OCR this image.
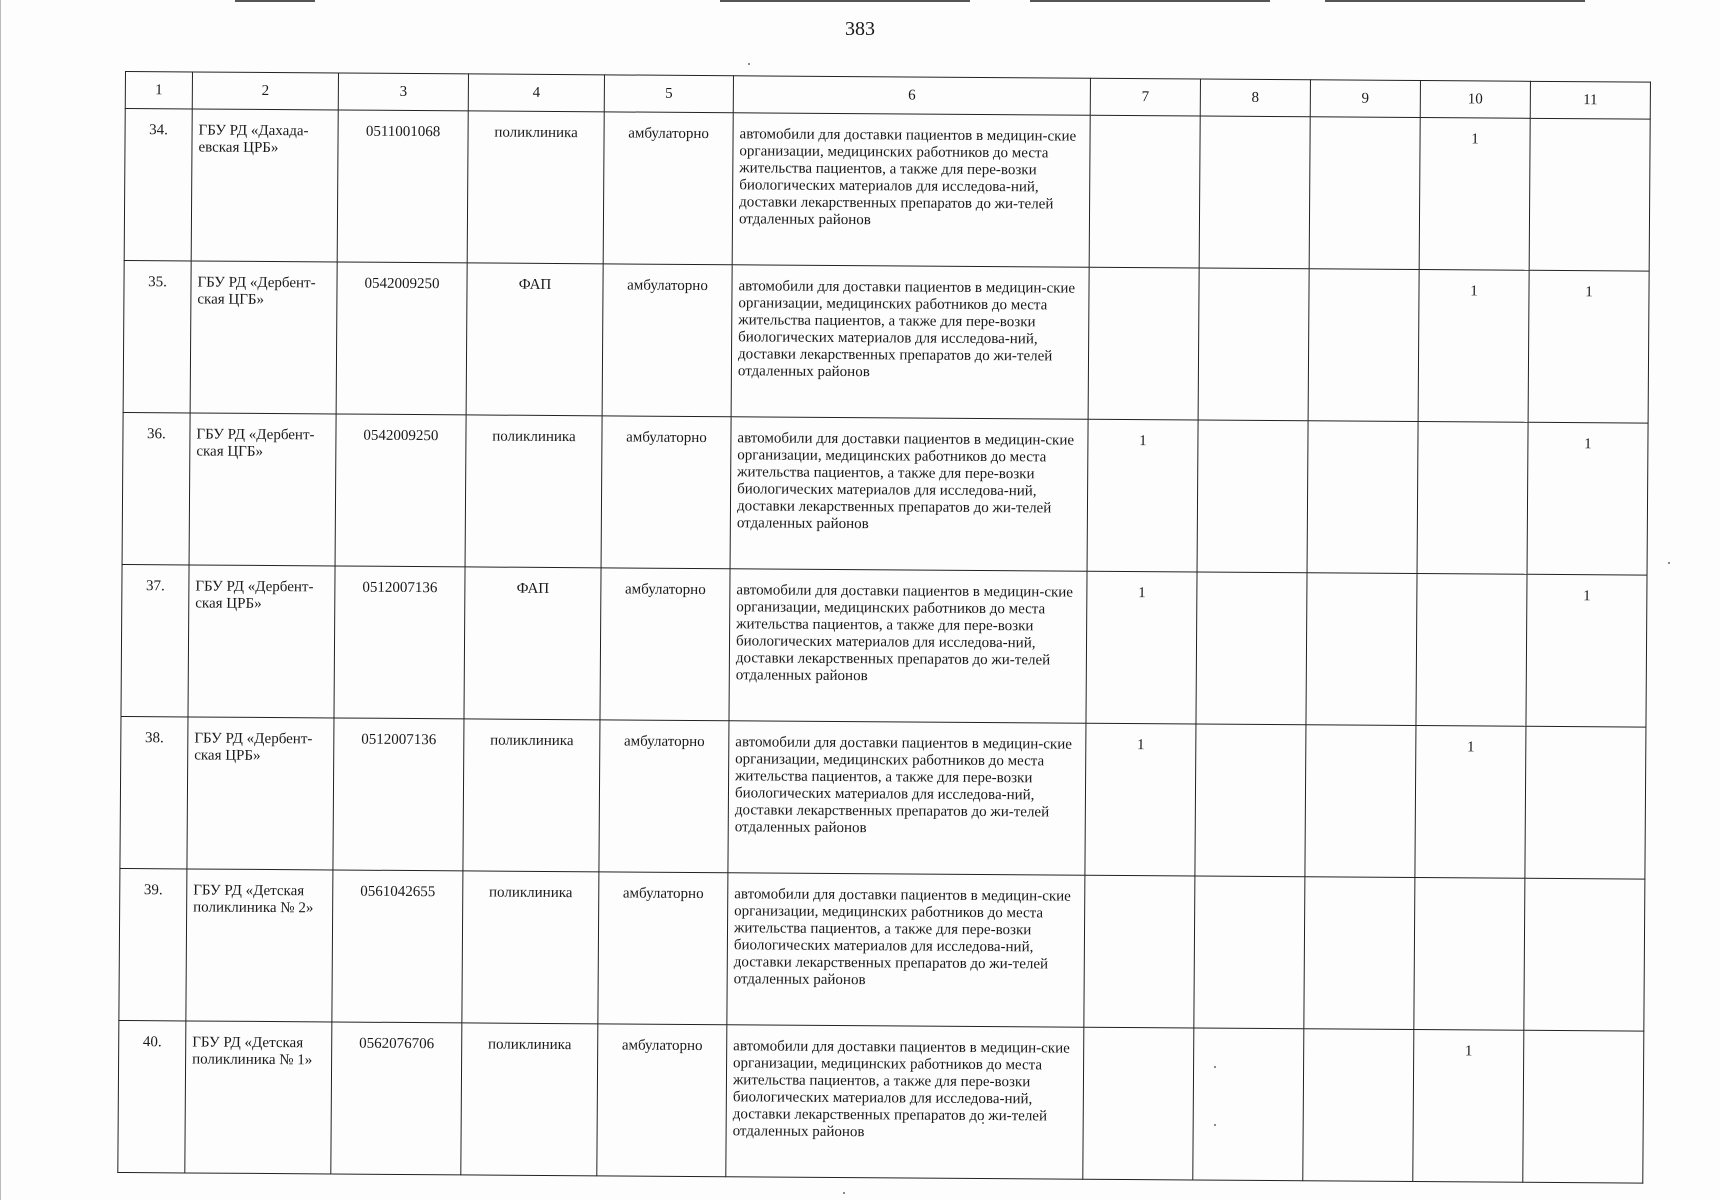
383
1	2	3	4	5	6	7	8	9	10	11
34.	ГБУ РД «Дахада-евская ЦРБ»	0511001068	поликлиника	амбулаторно	автомобили для доставки пациентов в медицин-ские организации, медицинских работников до места жительства пациентов, а также для пере-возки биологических материалов для исследова-ний, доставки лекарственных препаратов до жи-телей отдаленных районов				1	
35.	ГБУ РД «Дербент-ская ЦГБ»	0542009250	ФАП	амбулаторно	автомобили для доставки пациентов в медицин-ские организации, медицинских работников до места жительства пациентов, а также для пере-возки биологических материалов для исследова-ний, доставки лекарственных препаратов до жи-телей отдаленных районов				1	1
36.	ГБУ РД «Дербент-ская ЦГБ»	0542009250	поликлиника	амбулаторно	автомобили для доставки пациентов в медицин-ские организации, медицинских работников до места жительства пациентов, а также для пере-возки биологических материалов для исследова-ний, доставки лекарственных препаратов до жи-телей отдаленных районов	1				1
37.	ГБУ РД «Дербент-ская ЦРБ»	0512007136	ФАП	амбулаторно	автомобили для доставки пациентов в медицин-ские организации, медицинских работников до места жительства пациентов, а также для пере-возки биологических материалов для исследова-ний, доставки лекарственных препаратов до жи-телей отдаленных районов	1				1
38.	ГБУ РД «Дербент-ская ЦРБ»	0512007136	поликлиника	амбулаторно	автомобили для доставки пациентов в медицин-ские организации, медицинских работников до места жительства пациентов, а также для пере-возки биологических материалов для исследова-ний, доставки лекарственных препаратов до жи-телей отдаленных районов	1			1	
39.	ГБУ РД «Детская поликлиника № 2»	0561042655	поликлиника	амбулаторно	автомобили для доставки пациентов в медицин-ские организации, медицинских работников до места жительства пациентов, а также для пере-возки биологических материалов для исследова-ний, доставки лекарственных препаратов до жи-телей отдаленных районов					
40.	ГБУ РД «Детская поликлиника № 1»	0562076706	поликлиника	амбулаторно	автомобили для доставки пациентов в медицин-ские организации, медицинских работников до места жительства пациентов, а также для пере-возки биологических материалов для исследова-ний, доставки лекарственных препаратов до жи-телей отдаленных районов				1	
